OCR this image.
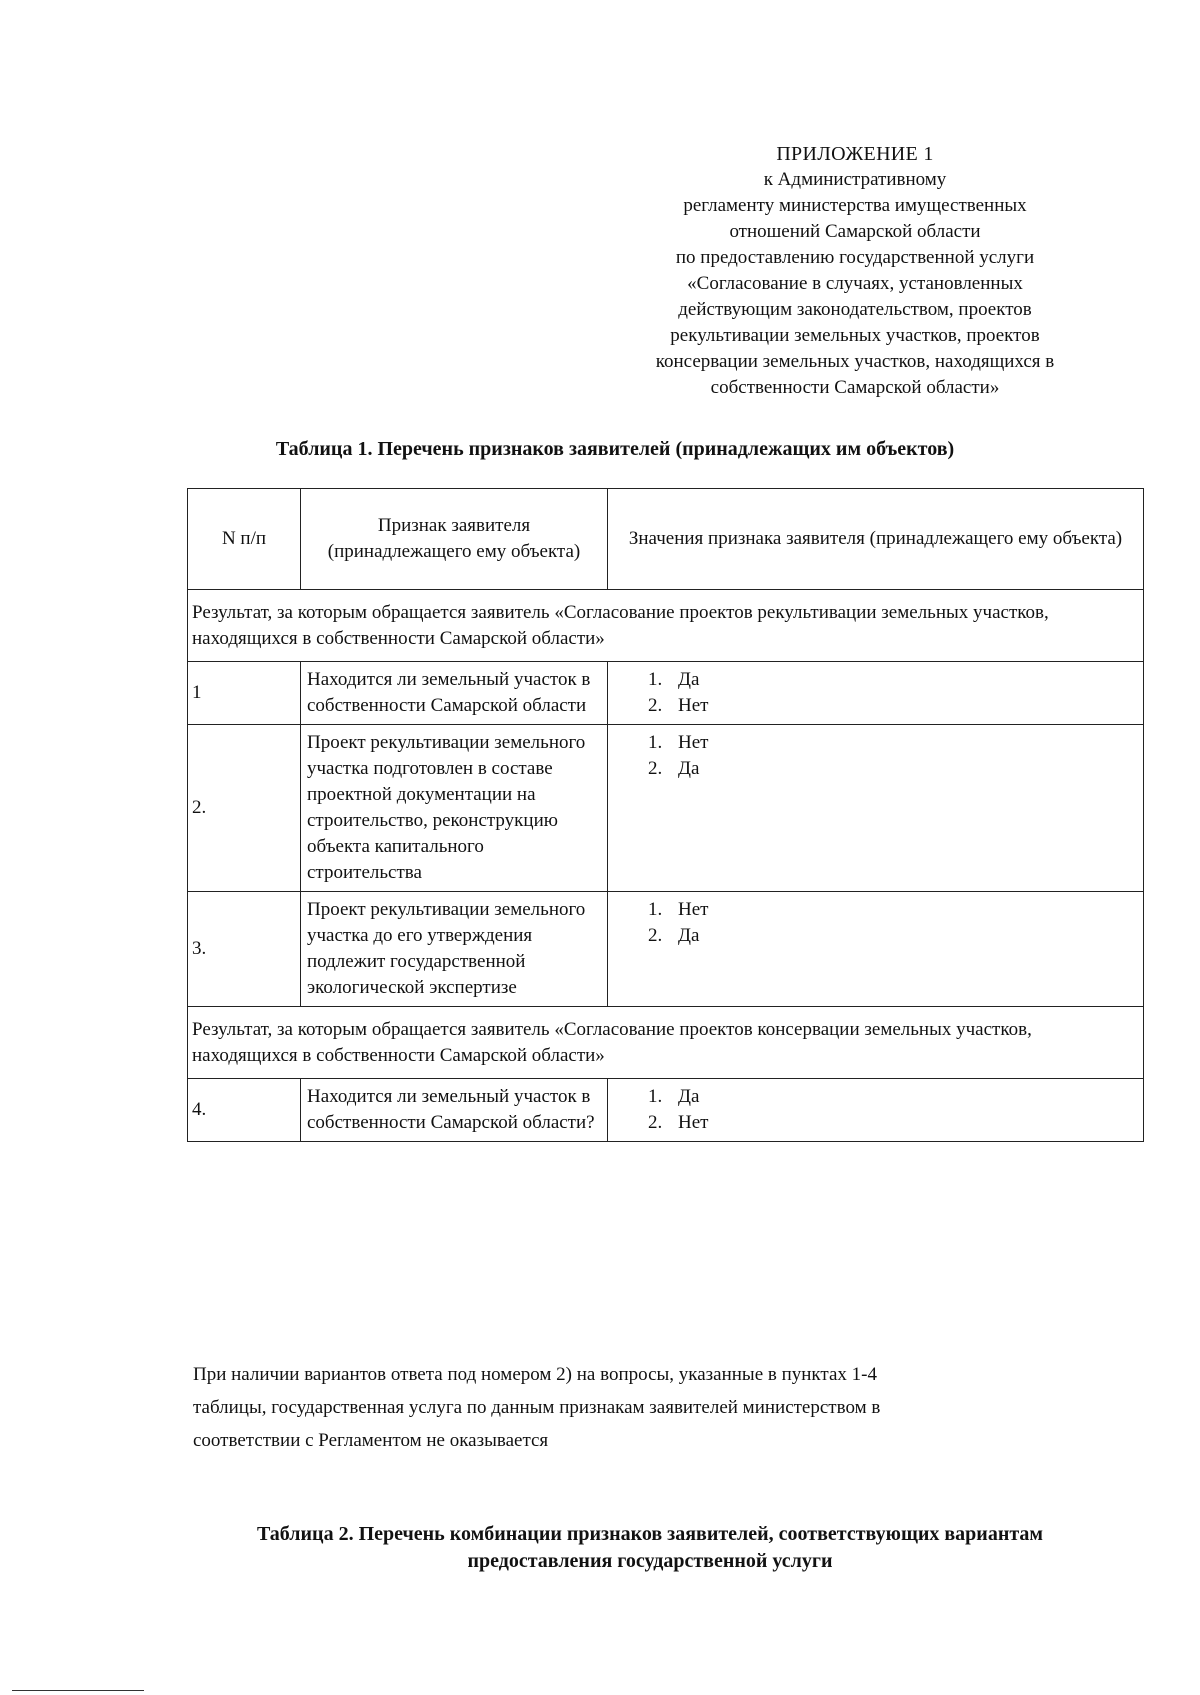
ПРИЛОЖЕНИЕ 1
к Административному
регламенту министерства имущественных
отношений Самарской области
по предоставлению государственной услуги
«Согласование в случаях, установленных
действующим законодательством, проектов
рекультивации земельных участков, проектов
консервации земельных участков, находящихся в
собственности Самарской области»
Таблица 1. Перечень признаков заявителей (принадлежащих им объектов)
N п/п	Признак заявителя (принадлежащего ему объекта)	Значения признака заявителя (принадлежащего ему объекта)
Результат, за которым обращается заявитель «Согласование проектов рекультивации земельных участков, находящихся в собственности Самарской области»		
1	Находится ли земельный участок в собственности Самарской области	1. Да
2. Нет

2.	Проект рекультивации земельного участка подготовлен в составе проектной документации на строительство, реконструкцию объекта капитального строительства	1. Нет
2. Да

3.	Проект рекультивации земельного участка до его утверждения подлежит государственной экологической экспертизе	1. Нет
2. Да

Результат, за которым обращается заявитель «Согласование проектов консервации земельных участков, находящихся в собственности Самарской области»		
4.	Находится ли земельный участок в собственности Самарской области?	1. Да
2. Нет
При наличии вариантов ответа под номером 2) на вопросы, указанные в пунктах 1-4
таблицы, государственная услуга по данным признакам заявителей министерством в
соответствии с Регламентом не оказывается
Таблица 2. Перечень комбинации признаков заявителей, соответствующих вариантам
предоставления государственной услуги
